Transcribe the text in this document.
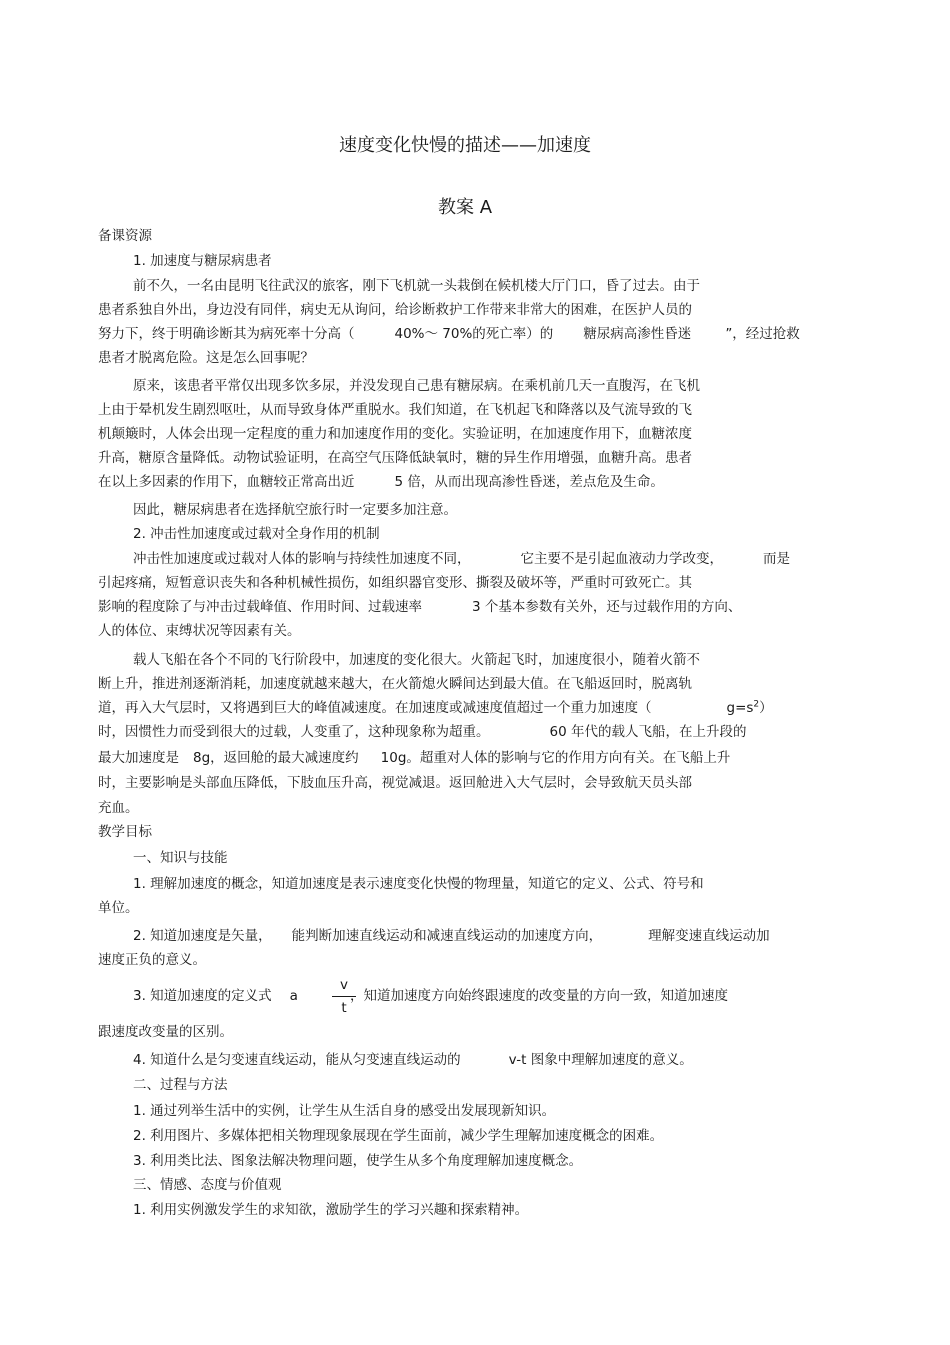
速度变化快慢的描述——加速度
教案 A
备课资源
1. 加速度与糖尿病患者
前不久，一名由昆明飞往武汉的旅客，刚下飞机就一头栽倒在候机楼大厅门口，昏了过去。由于
患者系独自外出，身边没有同伴，病史无从询问，给诊断救护工作带来非常大的困难，在医护人员的
努力下，终于明确诊断其为病死率十分高（	40%～ 70%的死亡率）的 糖尿病高渗性昏迷	”，经过抢救
患者才脱离危险。这是怎么回事呢？
原来，该患者平常仅出现多饮多尿，并没发现自己患有糖尿病。在乘机前几天一直腹泻，在飞机
上由于晕机发生剧烈呕吐，从而导致身体严重脱水。我们知道，在飞机起飞和降落以及气流导致的飞
机颠簸时，人体会出现一定程度的重力和加速度作用的变化。实验证明，在加速度作用下，血糖浓度
升高，糖原含量降低。动物试验证明，在高空气压降低缺氧时，糖的异生作用增强，血糖升高。患者
在以上多因素的作用下，血糖较正常高出近	5 倍，从而出现高渗性昏迷，差点危及生命。
因此，糖尿病患者在选择航空旅行时一定要多加注意。
2. 冲击性加速度或过载对全身作用的机制
冲击性加速度或过载对人体的影响与持续性加速度不同，	它主要不是引起血液动力学改变，	而是
引起疼痛，短暂意识丧失和各种机械性损伤，如组织器官变形、撕裂及破坏等，严重时可致死亡。其
影响的程度除了与冲击过载峰值、作用时间、过载速率	3 个基本参数有关外，还与过载作用的方向、
人的体位、束缚状况等因素有关。
载人飞船在各个不同的飞行阶段中，加速度的变化很大。火箭起飞时，加速度很小，随着火箭不
断上升，推进剂逐渐消耗，加速度就越来越大，在火箭熄火瞬间达到最大值。在飞船返回时，脱离轨
道，再入大气层时，又将遇到巨大的峰值减速度。在加速度或减速度值超过一个重力加速度（	$g=s^2$）
时，因惯性力而受到很大的过载，人变重了，这种现象称为超重。	60 年代的载人飞船，在上升段的
最大加速度是 8g，返回舱的最大减速度约 10g。超重对人体的影响与它的作用方向有关。在飞船上升
时，主要影响是头部血压降低，下肢血压升高，视觉减退。返回舱进入大气层时，会导致航天员头部
充血。
教学目标
一、知识与技能
1. 理解加速度的概念，知道加速度是表示速度变化快慢的物理量，知道它的定义、公式、符号和
单位。
2. 知道加速度是矢量， 能判断加速直线运动和减速直线运动的加速度方向，	理解变速直线运动加
速度正负的意义。
3. 知道加速度的定义式 a	，知道加速度方向始终跟速度的改变量的方向一致，知道加速度
v
t
跟速度改变量的区别。
4. 知道什么是匀变速直线运动，能从匀变速直线运动的	v-t 图象中理解加速度的意义。
二、过程与方法
1. 通过列举生活中的实例，让学生从生活自身的感受出发展现新知识。
2. 利用图片、多媒体把相关物理现象展现在学生面前，减少学生理解加速度概念的困难。
3. 利用类比法、图象法解决物理问题，使学生从多个角度理解加速度概念。
三、情感、态度与价值观
1. 利用实例激发学生的求知欲，激励学生的学习兴趣和探索精神。
